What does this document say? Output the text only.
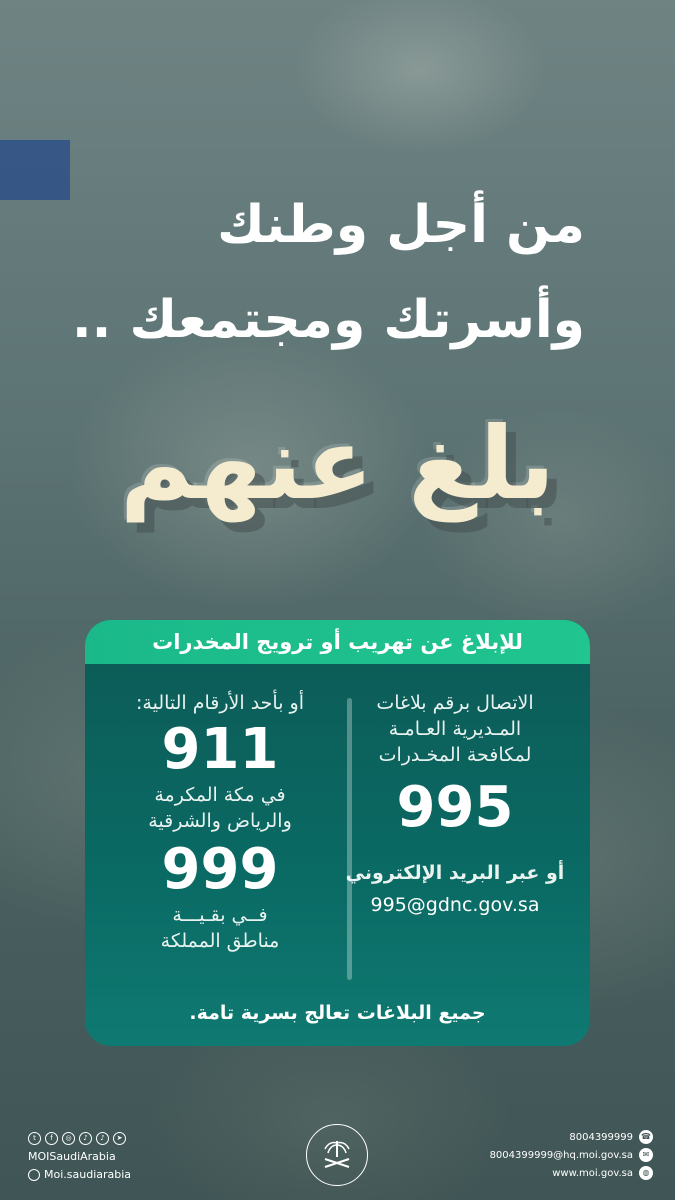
من أجل وطنك
وأسرتك ومجتمعك ..
بلغ عنهم
للإبلاغ عن تهريب أو ترويج المخدرات
الاتصال برقم بلاغات
المـديرية العـامـة
لمكافحة المخـدرات
995
أو عبر البريد الإلكتروني
995@gdnc.gov.sa
أو بأحد الأرقام التالية:
911
في مكة المكرمة
والرياض والشرقية
999
فــي بقـيـــة
مناطق المملكة
جميع البلاغات تعالج بسرية تامة.
t	f	◎	♪	♪	➤
MOISaudiArabia
Moi.saudiarabia
8004399999 ☎
8004399999@hq.moi.gov.sa	✉
www.moi.gov.sa	◍
